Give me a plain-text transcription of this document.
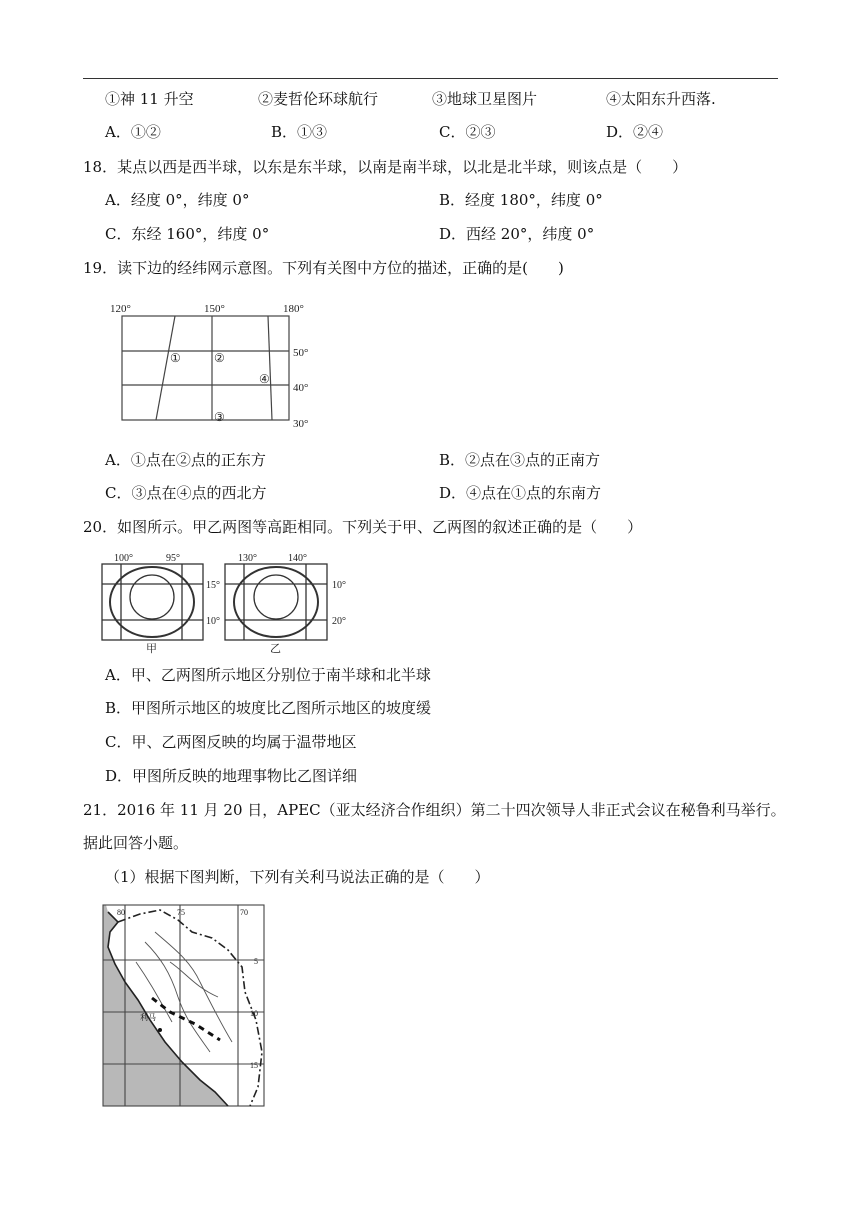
①神 11 升空	②麦哲伦环球航行	③地球卫星图片	④太阳东升西落.
A．①②	B．①③	C．②③	D．②④
18．某点以西是西半球，以东是东半球，以南是南半球，以北是北半球，则该点是（　　）
A．经度 0°，纬度 0°	B．经度 180°，纬度 0°
C．东经 160°，纬度 0°	D．西经 20°，纬度 0°
19．读下边的经纬网示意图。下列有关图中方位的描述，正确的是(　　)
120°	150°	180°
50°
40°
30°
①	②
③
④
A．①点在②点的正东方	B．②点在③点的正南方
C．③点在④点的西北方	D．④点在①点的东南方
20．如图所示。甲乙两图等高距相同。下列关于甲、乙两图的叙述正确的是（　　）
100°	95°
15°
10°
甲
130°	140°
10°
20°
乙
A．甲、乙两图所示地区分别位于南半球和北半球
B．甲图所示地区的坡度比乙图所示地区的坡度缓
C．甲、乙两图反映的均属于温带地区
D．甲图所反映的地理事物比乙图详细
21．2016 年 11 月 20 日，APEC（亚太经济合作组织）第二十四次领导人非正式会议在秘鲁利马举行。
据此回答小题。
（1）根据下图判断，下列有关利马说法正确的是（　　）
80	75	70
5
10
15
利马
